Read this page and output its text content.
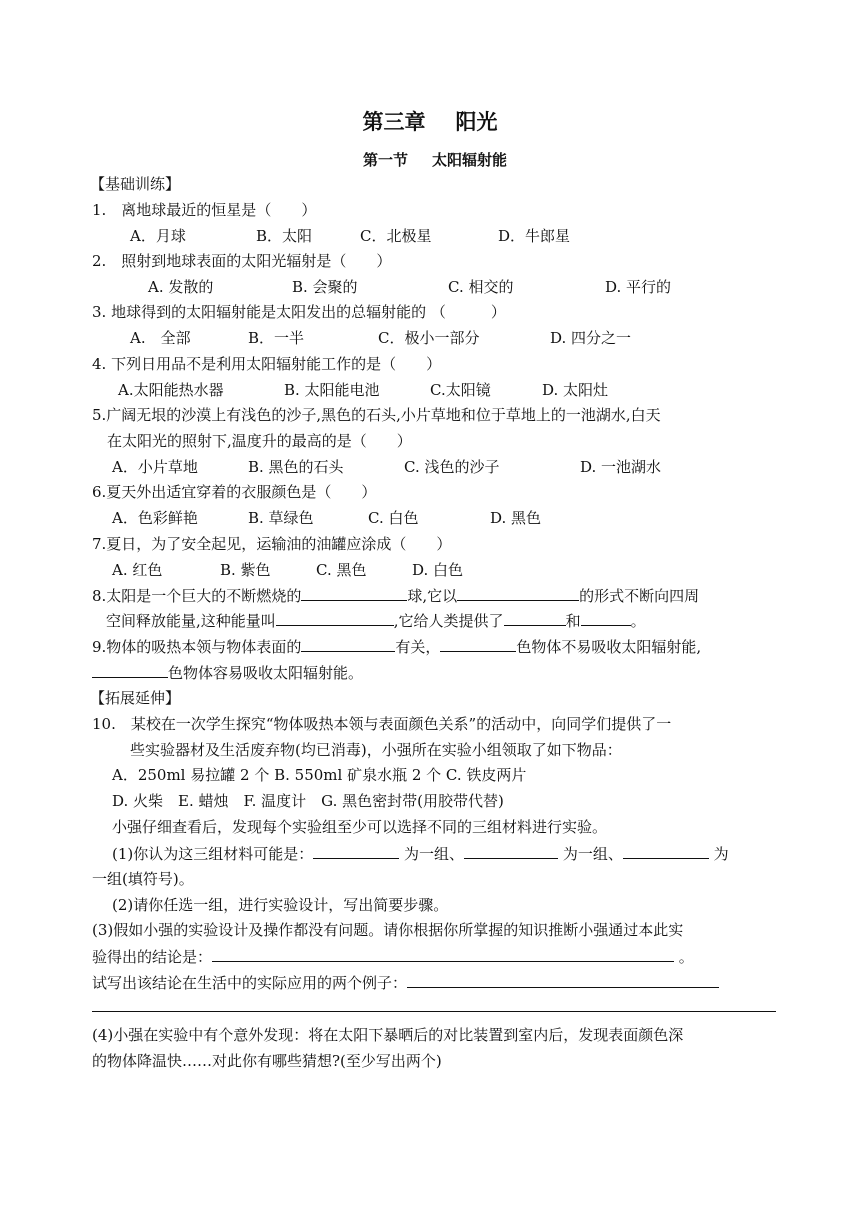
第三章 阳光
第一节 太阳辐射能
【基础训练】
1.　离地球最近的恒星是（　　）
A．月球	B．太阳	C．北极星	D．牛郎星
2.　照射到地球表面的太阳光辐射是（　　）
A. 发散的	B. 会聚的	C. 相交的	D. 平行的
3. 地球得到的太阳辐射能是太阳发出的总辐射能的 （　　　）
A.　全部	B．一半	C．极小一部分	D. 四分之一
4. 下列日用品不是利用太阳辐射能工作的是（　　）
A.太阳能热水器	B. 太阳能电池	C.太阳镜	D. 太阳灶
5.广阔无垠的沙漠上有浅色的沙子,黑色的石头,小片草地和位于草地上的一池湖水,白天
在太阳光的照射下,温度升的最高的是（　　）
A．小片草地	B. 黑色的石头	C. 浅色的沙子	D. 一池湖水
6.夏天外出适宜穿着的衣服颜色是（　　）
A．色彩鲜艳	B. 草绿色	C. 白色	D. 黑色
7.夏日，为了安全起见，运输油的油罐应涂成（　　）
A. 红色	B. 紫色	C. 黑色	D. 白色
8.太阳是一个巨大的不断燃烧的	球,它以	的形式不断向四周
空间释放能量,这种能量叫	,它给人类提供了	和	。
9.物体的吸热本领与物体表面的	有关，	色物体不易吸收太阳辐射能,
色物体容易吸收太阳辐射能。
【拓展延伸】
10.　某校在一次学生探究“物体吸热本领与表面颜色关系”的活动中，向同学们提供了一
些实验器材及生活废弃物(均已消毒)，小强所在实验小组领取了如下物品：
A．250ml 易拉罐 2 个 B. 550ml 矿泉水瓶 2 个 C. 铁皮两片
D. 火柴　E. 蜡烛　F. 温度计　G. 黑色密封带(用胶带代替)
小强仔细查看后，发现每个实验组至少可以选择不同的三组材料进行实验。
(1)你认为这三组材料可能是：	为一组、	为一组、	为
一组(填符号)。
(2)请你任选一组，进行实验设计，写出简要步骤。
(3)假如小强的实验设计及操作都没有问题。请你根据你所掌握的知识推断小强通过本此实
验得出的结论是：	。
试写出该结论在生活中的实际应用的两个例子：
(4)小强在实验中有个意外发现：将在太阳下暴晒后的对比装置到室内后，发现表面颜色深
的物体降温快……对此你有哪些猜想?(至少写出两个)
